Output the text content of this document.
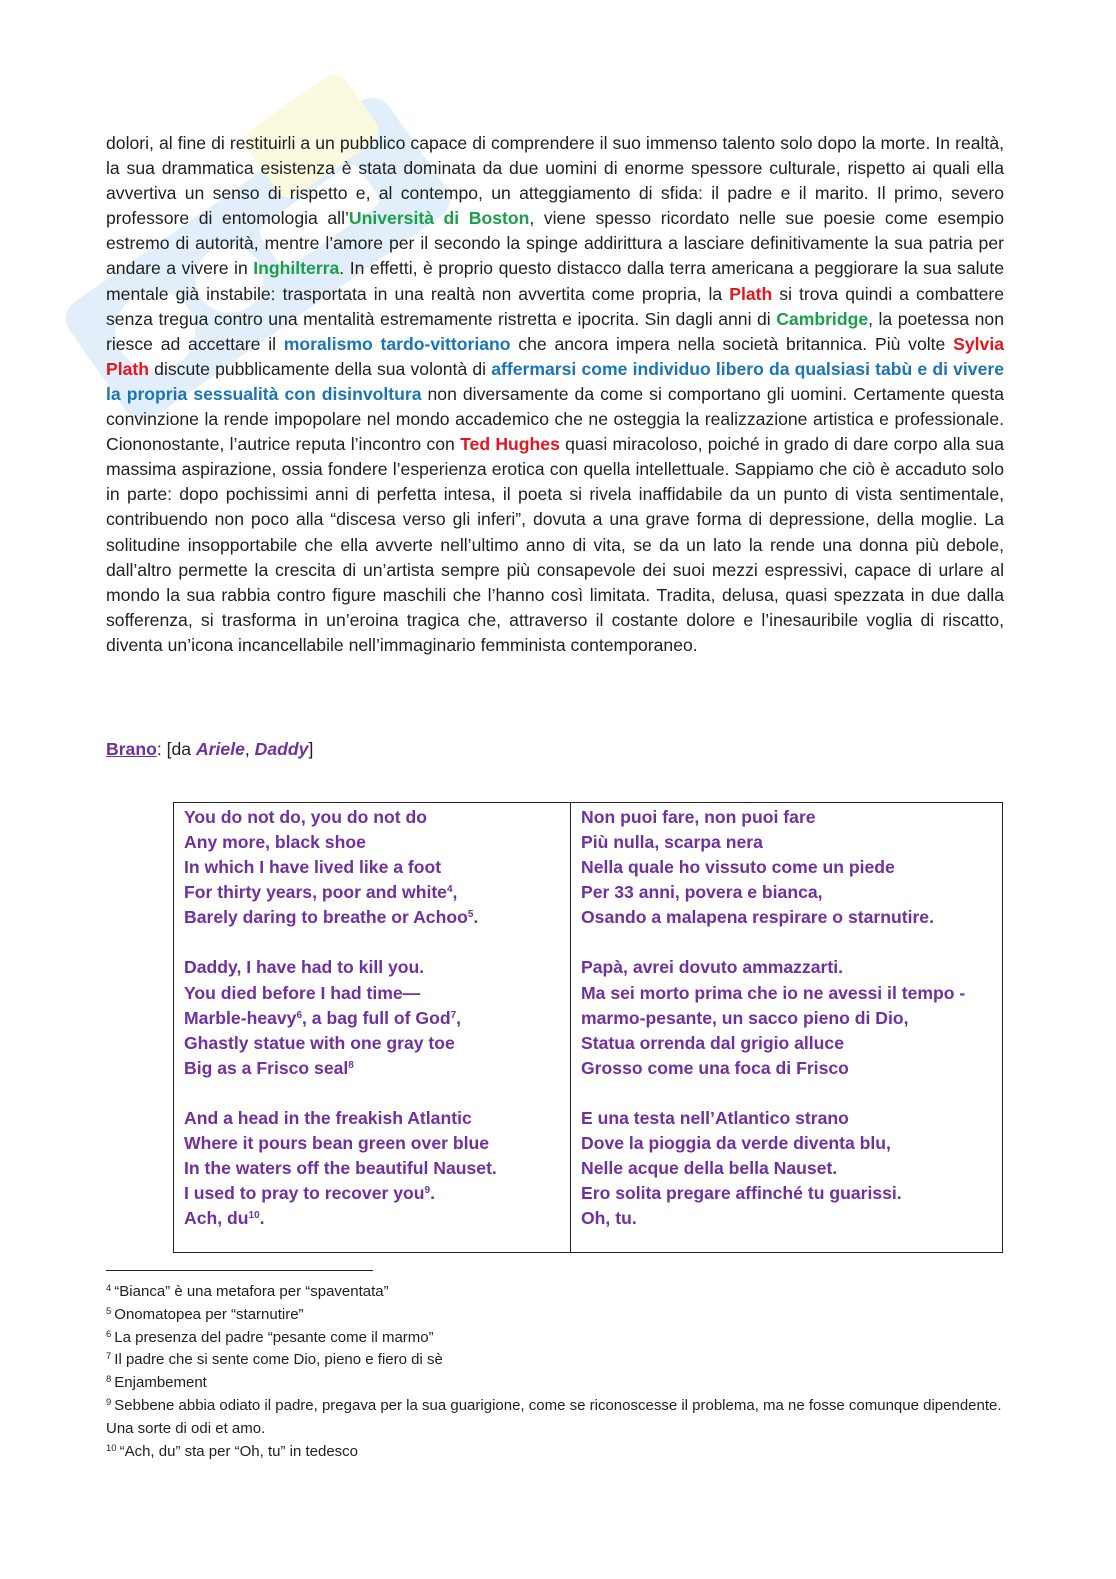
dolori, al fine di restituirli a un pubblico capace di comprendere il suo immenso talento solo dopo la morte. In realtà, la sua drammatica esistenza è stata dominata da due uomini di enorme spessore culturale, rispetto ai quali ella avvertiva un senso di rispetto e, al contempo, un atteggiamento di sfida: il padre e il marito. Il primo, severo professore di entomologia all’Università di Boston, viene spesso ricordato nelle sue poesie come esempio estremo di autorità, mentre l’amore per il secondo la spinge addirittura a lasciare definitivamente la sua patria per andare a vivere in Inghilterra. In effetti, è proprio questo distacco dalla terra americana a peggiorare la sua salute mentale già instabile: trasportata in una realtà non avvertita come propria, la Plath si trova quindi a combattere senza tregua contro una mentalità estremamente ristretta e ipocrita. Sin dagli anni di Cambridge, la poetessa non riesce ad accettare il moralismo tardo-vittoriano che ancora impera nella società britannica. Più volte Sylvia Plath discute pubblicamente della sua volontà di affermarsi come individuo libero da qualsiasi tabù e di vivere la propria sessualità con disinvoltura non diversamente da come si comportano gli uomini. Certamente questa convinzione la rende impopolare nel mondo accademico che ne osteggia la realizzazione artistica e professionale. Ciononostante, l’autrice reputa l’incontro con Ted Hughes quasi miracoloso, poiché in grado di dare corpo alla sua massima aspirazione, ossia fondere l’esperienza erotica con quella intellettuale. Sappiamo che ciò è accaduto solo in parte: dopo pochissimi anni di perfetta intesa, il poeta si rivela inaffidabile da un punto di vista sentimentale, contribuendo non poco alla “discesa verso gli inferi”, dovuta a una grave forma di depressione, della moglie. La solitudine insopportabile che ella avverte nell’ultimo anno di vita, se da un lato la rende una donna più debole, dall’altro permette la crescita di un’artista sempre più consapevole dei suoi mezzi espressivi, capace di urlare al mondo la sua rabbia contro figure maschili che l’hanno così limitata. Tradita, delusa, quasi spezzata in due dalla sofferenza, si trasforma in un’eroina tragica che, attraverso il costante dolore e l’inesauribile voglia di riscatto, diventa un’icona incancellabile nell’immaginario femminista contemporaneo.

Brano: [da Ariele, Daddy]
You do not do, you do not do
Any more, black shoe
In which I have lived like a foot
For thirty years, poor and white$^4$,
Barely daring to breathe or Achoo$^5$.
Daddy, I have had to kill you.
You died before I had time—
Marble-heavy$^6$, a bag full of God$^7$,
Ghastly statue with one gray toe
Big as a Frisco seal$^8$
And a head in the freakish Atlantic
Where it pours bean green over blue
In the waters off the beautiful Nauset.
I used to pray to recover you$^9$.
Ach, $du^{10}$.
Non puoi fare, non puoi fare
Più nulla, scarpa nera
Nella quale ho vissuto come un piede
Per 33 anni, povera e bianca,
Osando a malapena respirare o starnutire.
Papà, avrei dovuto ammazzarti.
Ma sei morto prima che io ne avessi il tempo -
marmo-pesante, un sacco pieno di Dio,
Statua orrenda dal grigio alluce
Grosso come una foca di Frisco
E una testa nell’Atlantico strano
Dove la pioggia da verde diventa blu,
Nelle acque della bella Nauset.
Ero solita pregare affinché tu guarissi.
Oh, tu.
$^4$ “Bianca” è una metafora per “spaventata”
$^5$ Onomatopea per “starnutire”
$^6$ La presenza del padre “pesante come il marmo”
$^7$ Il padre che si sente come Dio, pieno e fiero di sè
$^8$ Enjambement
$^9$ Sebbene abbia odiato il padre, pregava per la sua guarigione, come se riconoscesse il problema, ma ne fosse comunque dipendente. Una sorte di odi et amo.
$^{10}$ “Ach, du” sta per “Oh, tu” in tedesco
